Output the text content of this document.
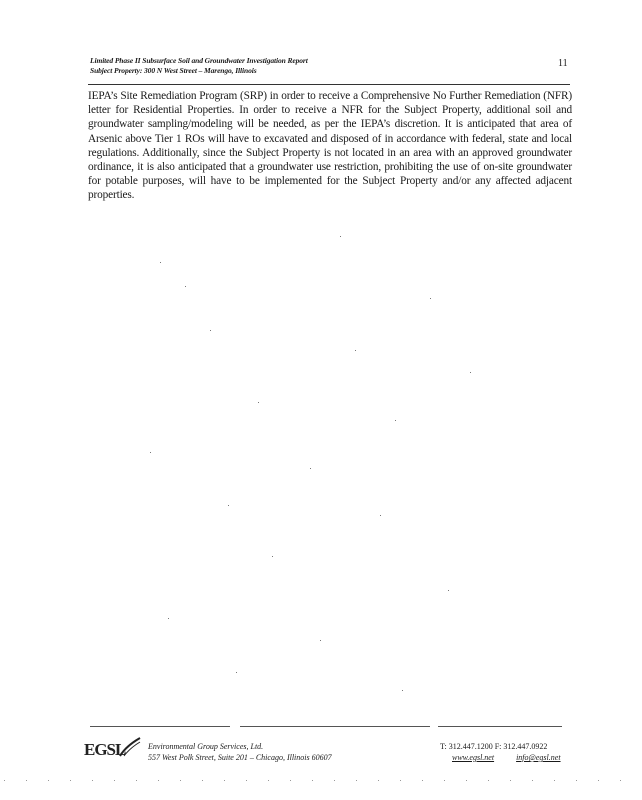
Limited Phase II Subsurface Soil and Groundwater Investigation Report
Subject Property: 300 N West Street – Marengo, Illinois
11

IEPA’s Site Remediation Program (SRP) in order to receive a Comprehensive No Further Remediation (NFR) letter for Residential Properties. In order to receive a NFR for the Subject Property, additional soil and groundwater sampling/modeling will be needed, as per the IEPA’s discretion. It is anticipated that area of Arsenic above Tier 1 ROs will have to excavated and disposed of in accordance with federal, state and local regulations. Additionally, since the Subject Property is not located in an area with an approved groundwater ordinance, it is also anticipated that a groundwater use restriction, prohibiting the use of on-site groundwater for potable purposes, will have to be implemented for the Subject Property and/or any affected adjacent properties.

EGSL	Environmental Group Services, Ltd.
557 West Polk Street, Suite 201 – Chicago, Illinois 60607
T: 312.447.1200 F: 312.447.0922
www.egsl.net	info@egsl.net
